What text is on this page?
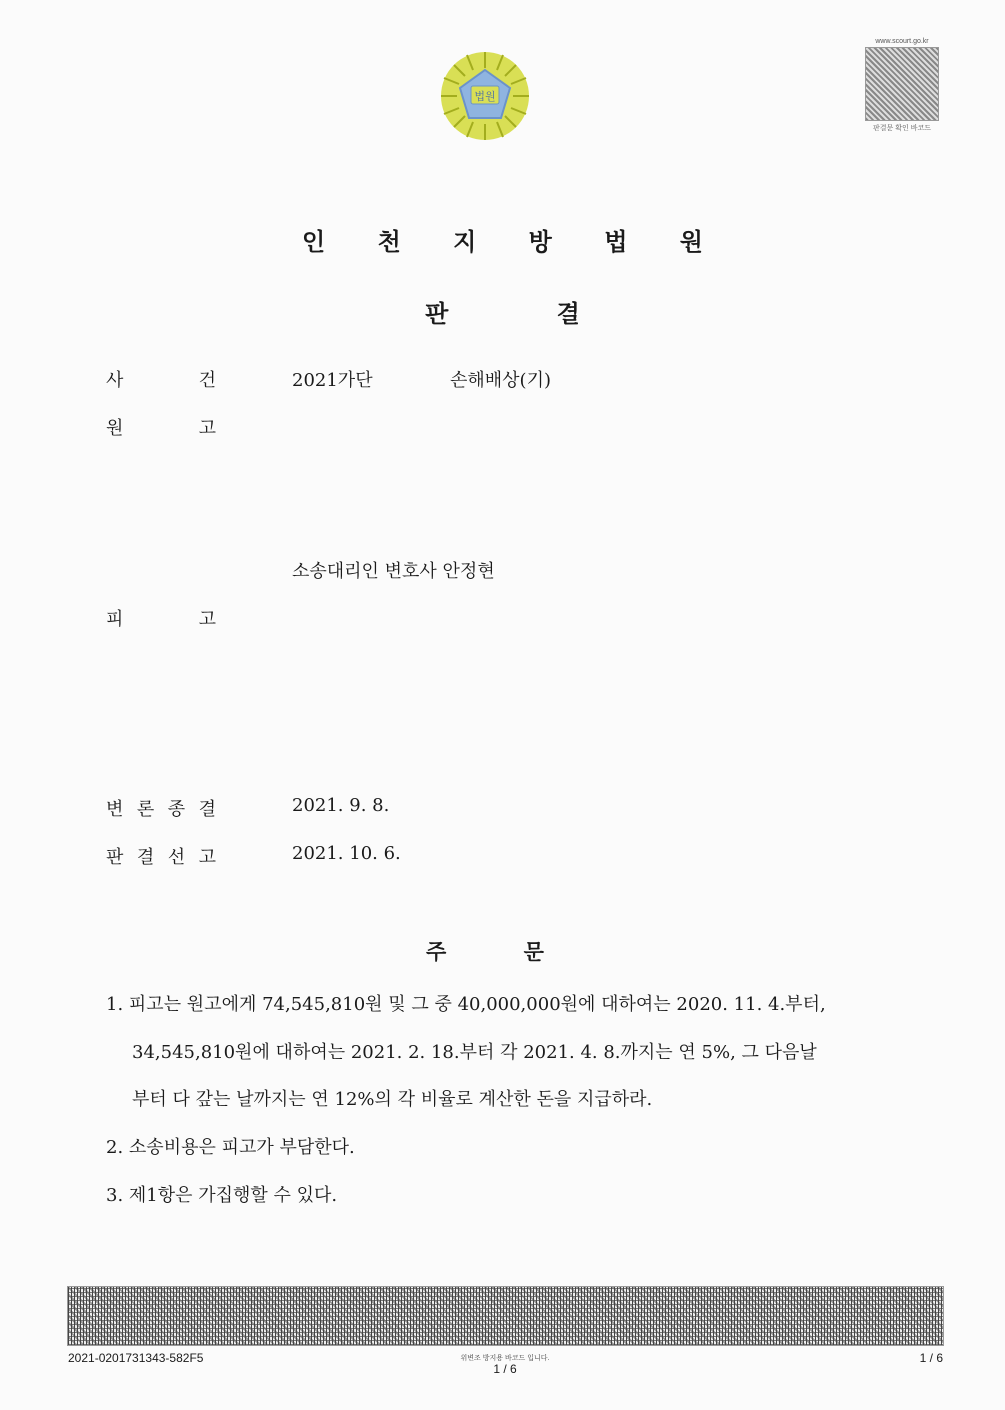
법원
www.scourt.go.kr
판결문 확인 바코드
인 천 지 방 법 원
판 결
사	건	2021가단	손해배상(기)
원	고
소송대리인 변호사 안정현
피	고
변 론 종 결	2021. 9. 8.
판 결 선 고	2021. 10. 6.
주 문
1. 피고는 원고에게 74,545,810원 및 그 중 40,000,000원에 대하여는 2020. 11. 4.부터,
34,545,810원에 대하여는 2021. 2. 18.부터 각 2021. 4. 8.까지는 연 5%, 그 다음날
부터 다 갚는 날까지는 연 12%의 각 비율로 계산한 돈을 지급하라.
2. 소송비용은 피고가 부담한다.
3. 제1항은 가집행할 수 있다.
2021-0201731343-582F5	위변조 방지용 바코드 입니다.
1 / 6
1 / 6
